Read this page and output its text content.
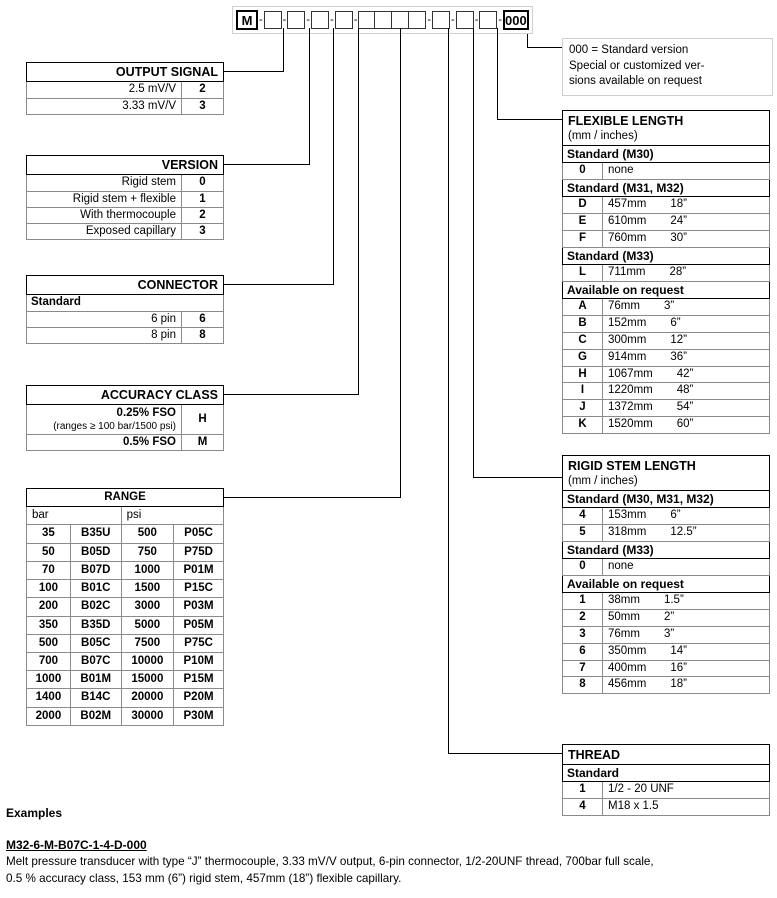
M - - - - -	- - - - 000
000 = Standard version
Special or customized ver-
sions available on request
OUTPUT SIGNAL	
2.5 mV/V	2
3.33 mV/V	3
VERSION	
Rigid stem	0
Rigid stem + flexible	1
With thermocouple	2
Exposed capillary	3
CONNECTOR	
Standard	
6 pin	6
8 pin	8
ACCURACY CLASS	

0.25% FSO
(ranges ≥ 100 bar/1500 psi)	H
0.5% FSO	M
RANGE			
bar		psi	
35	B35U	500	P05C
50	B05D	750	P75D
70	B07D	1000	P01M
100	B01C	1500	P15C
200	B02C	3000	P03M
350	B35D	5000	P05M
500	B05C	7500	P75C
700	B07C	10000	P10M
1000	B01M	15000	P15M
1400	B14C	20000	P20M
2000	B02M	30000	P30M
FLEXIBLE LENGTH
(mm / inches)	

Standard (M30)	
0	none
Standard (M31, M32)	
D	457mm 18”
E	610mm 24”
F	760mm 30”
Standard (M33)	
L	711mm 28”
Available on request	
A	76mm 3”
B	152mm 6”
C	300mm 12”
G	914mm 36”
H	1067mm 42”
I	1220mm 48”
J	1372mm 54”
K	1520mm 60”
RIGID STEM LENGTH
(mm / inches)	

Standard (M30, M31, M32)	
4	153mm 6”
5	318mm 12.5”
Standard (M33)	
0	none
Available on request	
1	38mm 1.5”
2	50mm 2”
3	76mm 3”
6	350mm 14”
7	400mm 16”
8	456mm 18”
THREAD	
Standard	
1	1/2 - 20 UNF
4	M18 x 1.5
Examples
M32-6-M-B07C-1-4-D-000
Melt pressure transducer with type “J” thermocouple, 3.33 mV/V output, 6-pin connector, 1/2-20UNF thread, 700bar full scale,
0.5 % accuracy class, 153 mm (6”) rigid stem, 457mm (18”) flexible capillary.
